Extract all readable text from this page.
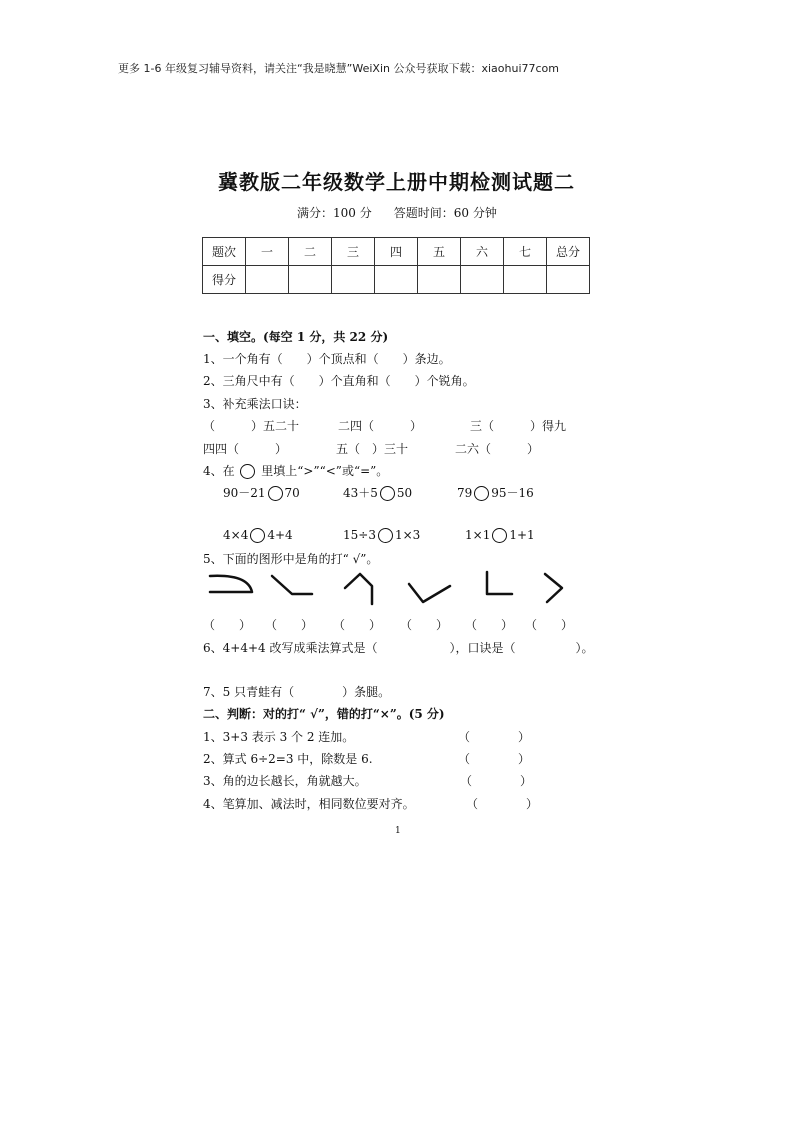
更多 1-6 年级复习辅导资料，请关注“我是晓慧”WeiXin 公众号获取下载：xiaohui77com
冀教版二年级数学上册中期检测试题二
满分：100 分 答题时间：60 分钟
题次	一	二	三	四	五	六	七	总分
得分								
一、填空。(每空 1 分，共 22 分)
1、一个角有（　　）个顶点和（　　）条边。
2、三角尺中有（　　）个直角和（　　）个锐角。
3、补充乘法口诀：
（　　　）五二十	二四（　　　）	三（　　　）得九
四四（　　　）	五（　）三十	二六（　　　）
4、在 里填上“>”“<”或“=”。
90－21 70	43＋5 50	79 95－16
4×4 4+4	15÷3 1×3	1×1 1+1
5、下面的图形中是角的打“ √”。
（　　） （　　） （　　） （　　） （　　） （　　）
6、4+4+4 改写成乘法算式是（　　　　　　），口诀是（　　　　　）。
7、5 只青蛙有（　　　　）条腿。
二、判断：对的打“ √”，错的打“×”。(5 分)
1、3+3 表示 3 个 2 连加。	（　　　　）
2、算式 6÷2=3 中，除数是 6.	（　　　　）
3、角的边长越长，角就越大。	（　　　　）
4、笔算加、减法时，相同数位要对齐。	（　　　　）
1
